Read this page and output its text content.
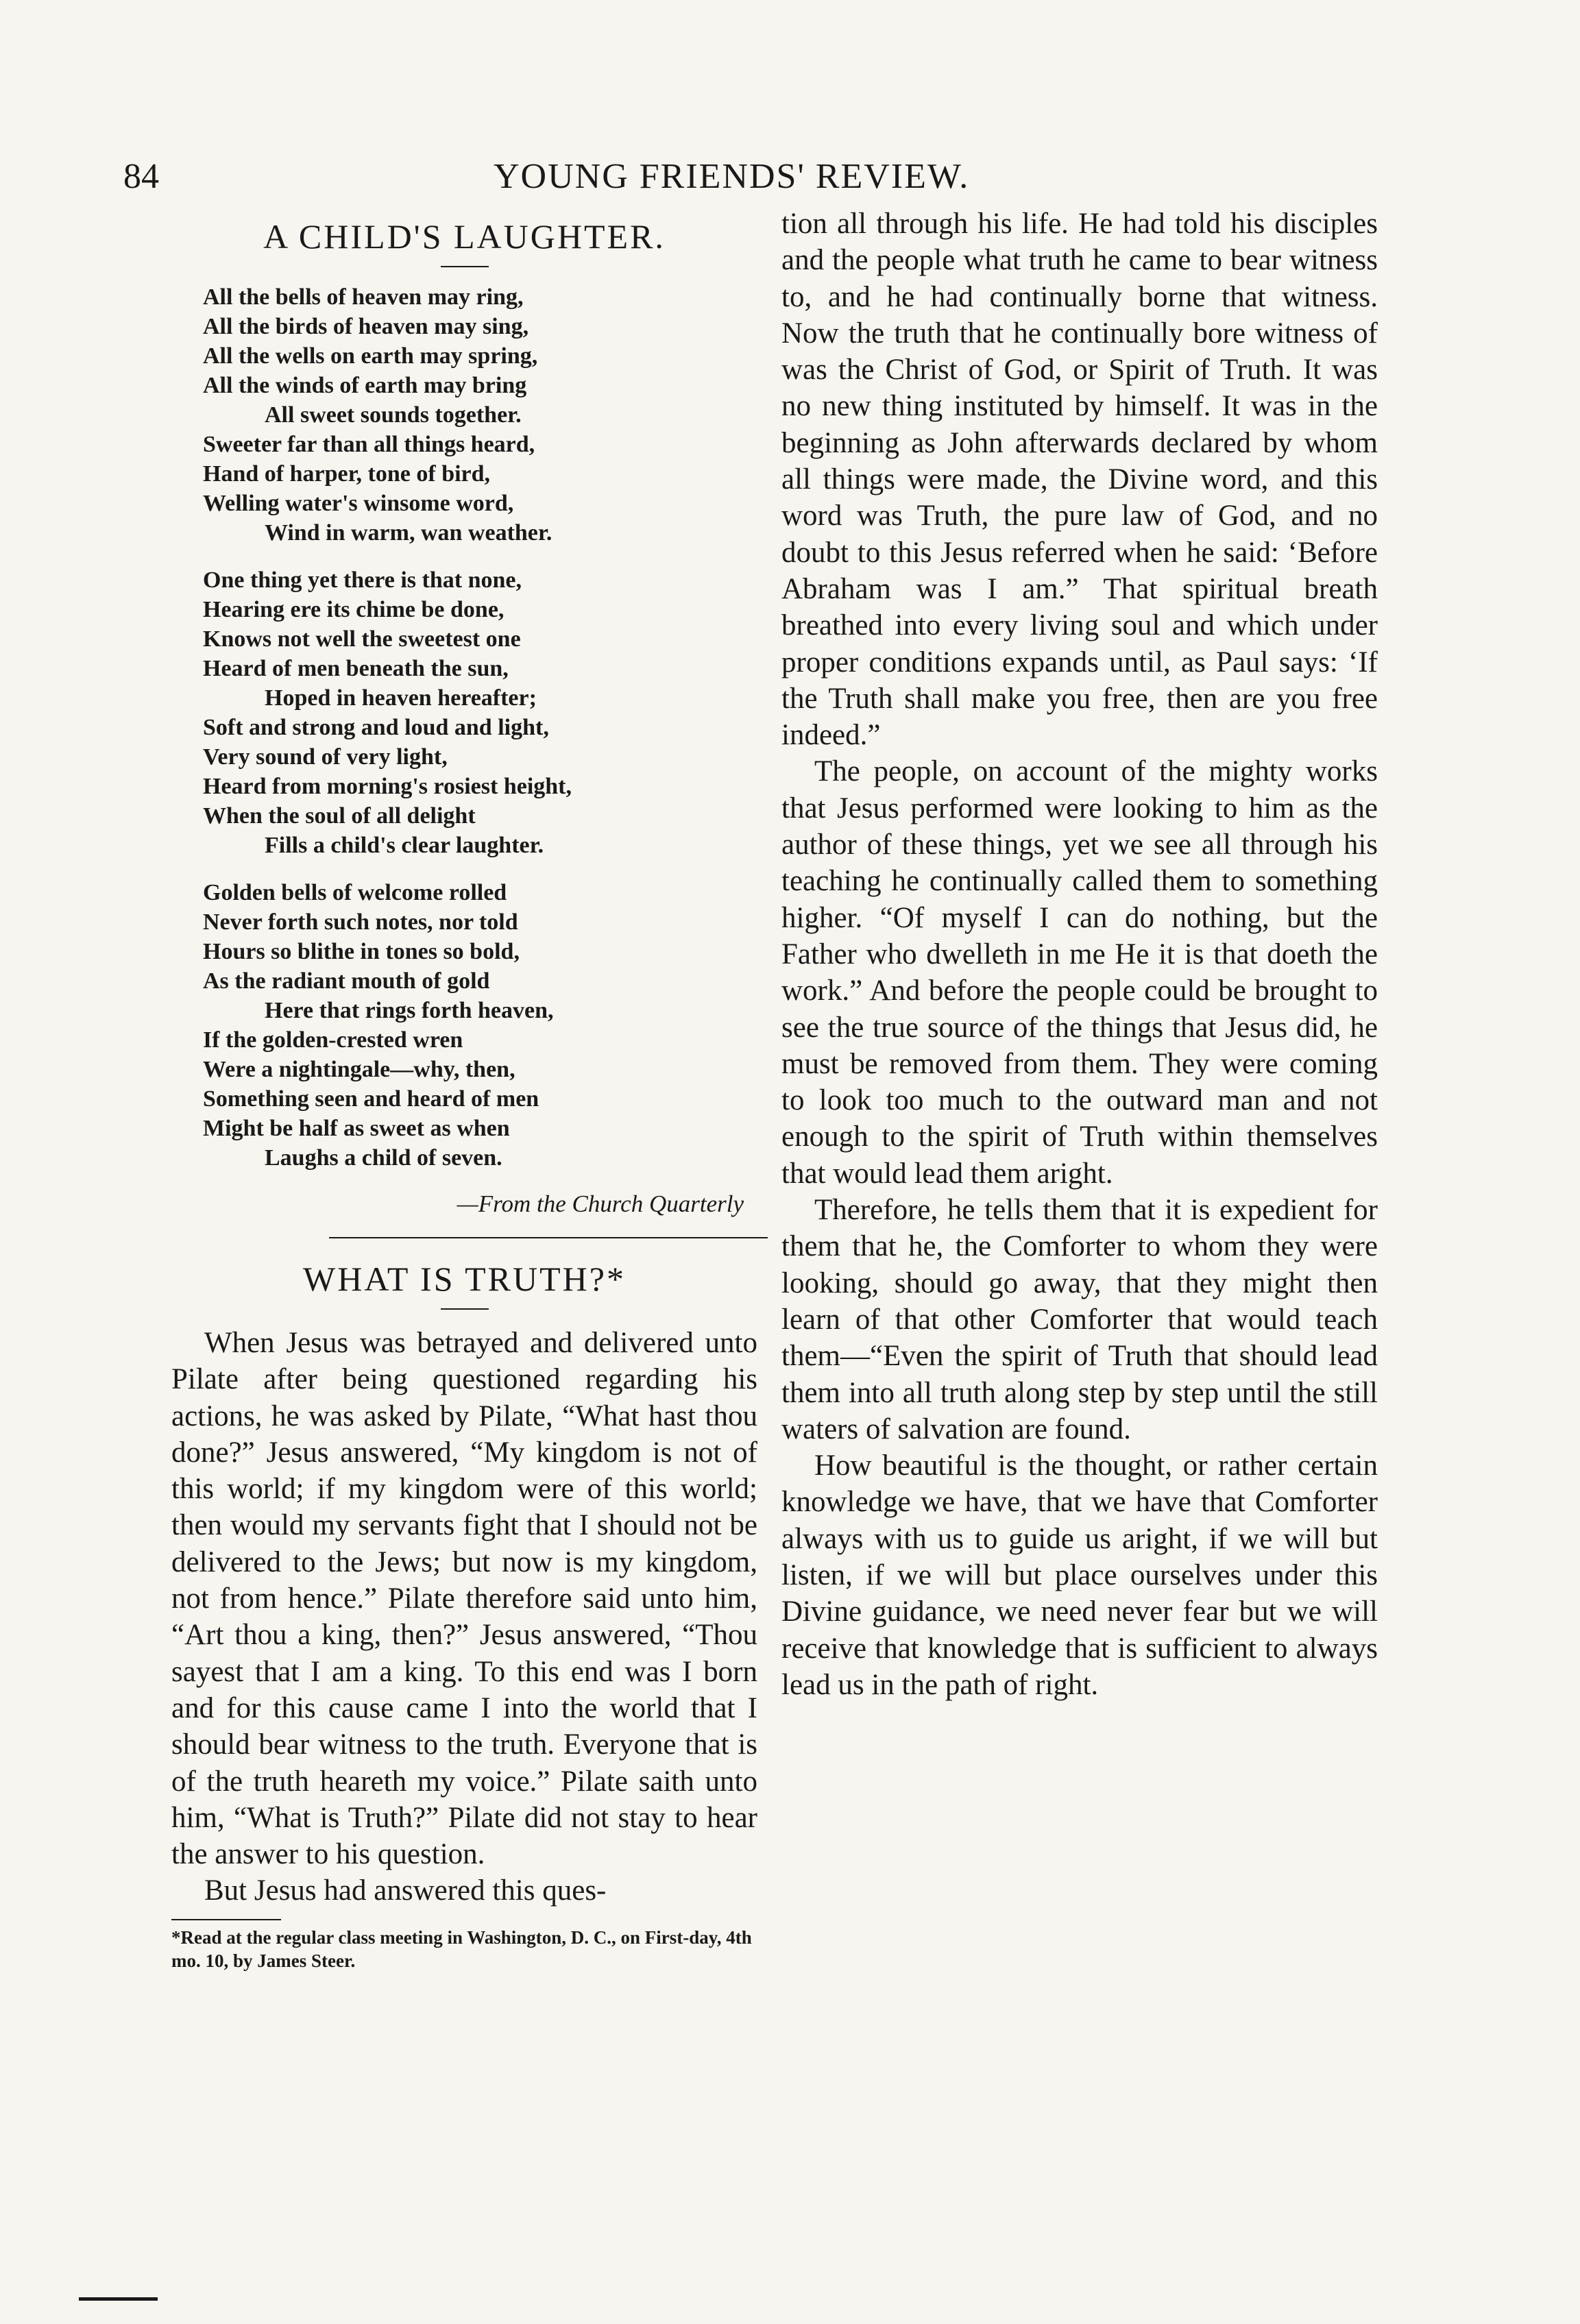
84	YOUNG FRIENDS' REVIEW.
A CHILD'S LAUGHTER.
All the bells of heaven may ring,
All the birds of heaven may sing,
All the wells on earth may spring,
All the winds of earth may bring
All sweet sounds together.
Sweeter far than all things heard,
Hand of harper, tone of bird,
Welling water's winsome word,
Wind in warm, wan weather.
One thing yet there is that none,
Hearing ere its chime be done,
Knows not well the sweetest one
Heard of men beneath the sun,
Hoped in heaven hereafter;
Soft and strong and loud and light,
Very sound of very light,
Heard from morning's rosiest height,
When the soul of all delight
Fills a child's clear laughter.
Golden bells of welcome rolled
Never forth such notes, nor told
Hours so blithe in tones so bold,
As the radiant mouth of gold
Here that rings forth heaven,
If the golden-crested wren
Were a nightingale—why, then,
Something seen and heard of men
Might be half as sweet as when
Laughs a child of seven.
—From the Church Quarterly
WHAT IS TRUTH?*

When Jesus was betrayed and delivered unto Pilate after being questioned regarding his actions, he was asked by Pilate, “What hast thou done?” Jesus answered, “My kingdom is not of this world; if my kingdom were of this world; then would my servants fight that I should not be delivered to the Jews; but now is my kingdom, not from hence.” Pilate therefore said unto him, “Art thou a king, then?” Jesus answered, “Thou sayest that I am a king. To this end was I born and for this cause came I into the world that I should bear witness to the truth. Everyone that is of the truth heareth my voice.” Pilate saith unto him, “What is Truth?” Pilate did not stay to hear the answer to his question.

But Jesus had answered this ques-

*Read at the regular class meeting in Washington, D. C., on First-day, 4th mo. 10, by James Steer.

tion all through his life. He had told his disciples and the people what truth he came to bear witness to, and he had continually borne that witness. Now the truth that he continually bore witness of was the Christ of God, or Spirit of Truth. It was no new thing instituted by himself. It was in the beginning as John afterwards declared by whom all things were made, the Divine word, and this word was Truth, the pure law of God, and no doubt to this Jesus referred when he said: ‘Before Abraham was I am.” That spiritual breath breathed into every living soul and which under proper conditions expands until, as Paul says: ‘If the Truth shall make you free, then are you free indeed.”

The people, on account of the mighty works that Jesus performed were looking to him as the author of these things, yet we see all through his teaching he continually called them to something higher. “Of myself I can do nothing, but the Father who dwelleth in me He it is that doeth the work.” And before the people could be brought to see the true source of the things that Jesus did, he must be removed from them. They were coming to look too much to the outward man and not enough to the spirit of Truth within themselves that would lead them aright.

Therefore, he tells them that it is expedient for them that he, the Comforter to whom they were looking, should go away, that they might then learn of that other Comforter that would teach them—“Even the spirit of Truth that should lead them into all truth along step by step until the still waters of salvation are found.

How beautiful is the thought, or rather certain knowledge we have, that we have that Comforter always with us to guide us aright, if we will but listen, if we will but place ourselves under this Divine guidance, we need never fear but we will receive that knowledge that is sufficient to always lead us in the path of right.
